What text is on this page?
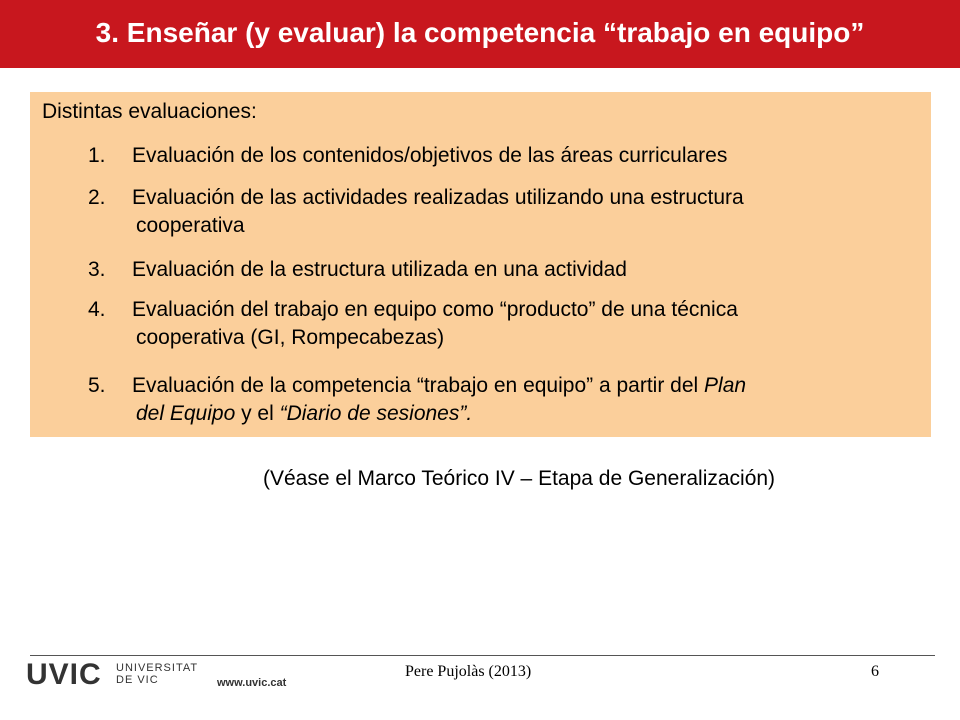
3. Enseñar (y evaluar) la competencia “trabajo en equipo”
Distintas evaluaciones:
1. Evaluación de los contenidos/objetivos de las áreas curriculares
2. Evaluación de las actividades realizadas utilizando una estructura
cooperativa
3. Evaluación de la estructura utilizada en una actividad
4. Evaluación del trabajo en equipo como “producto” de una técnica
cooperativa (GI, Rompecabezas)
5. Evaluación de la competencia “trabajo en equipo” a partir del Plan
del Equipo y el “Diario de sesiones”.
(Véase el Marco Teórico IV – Etapa de Generalización)
UVIC UNIVERSITAT
DE VIC	www.uvic.cat
Pere Pujolàs (2013)	6
